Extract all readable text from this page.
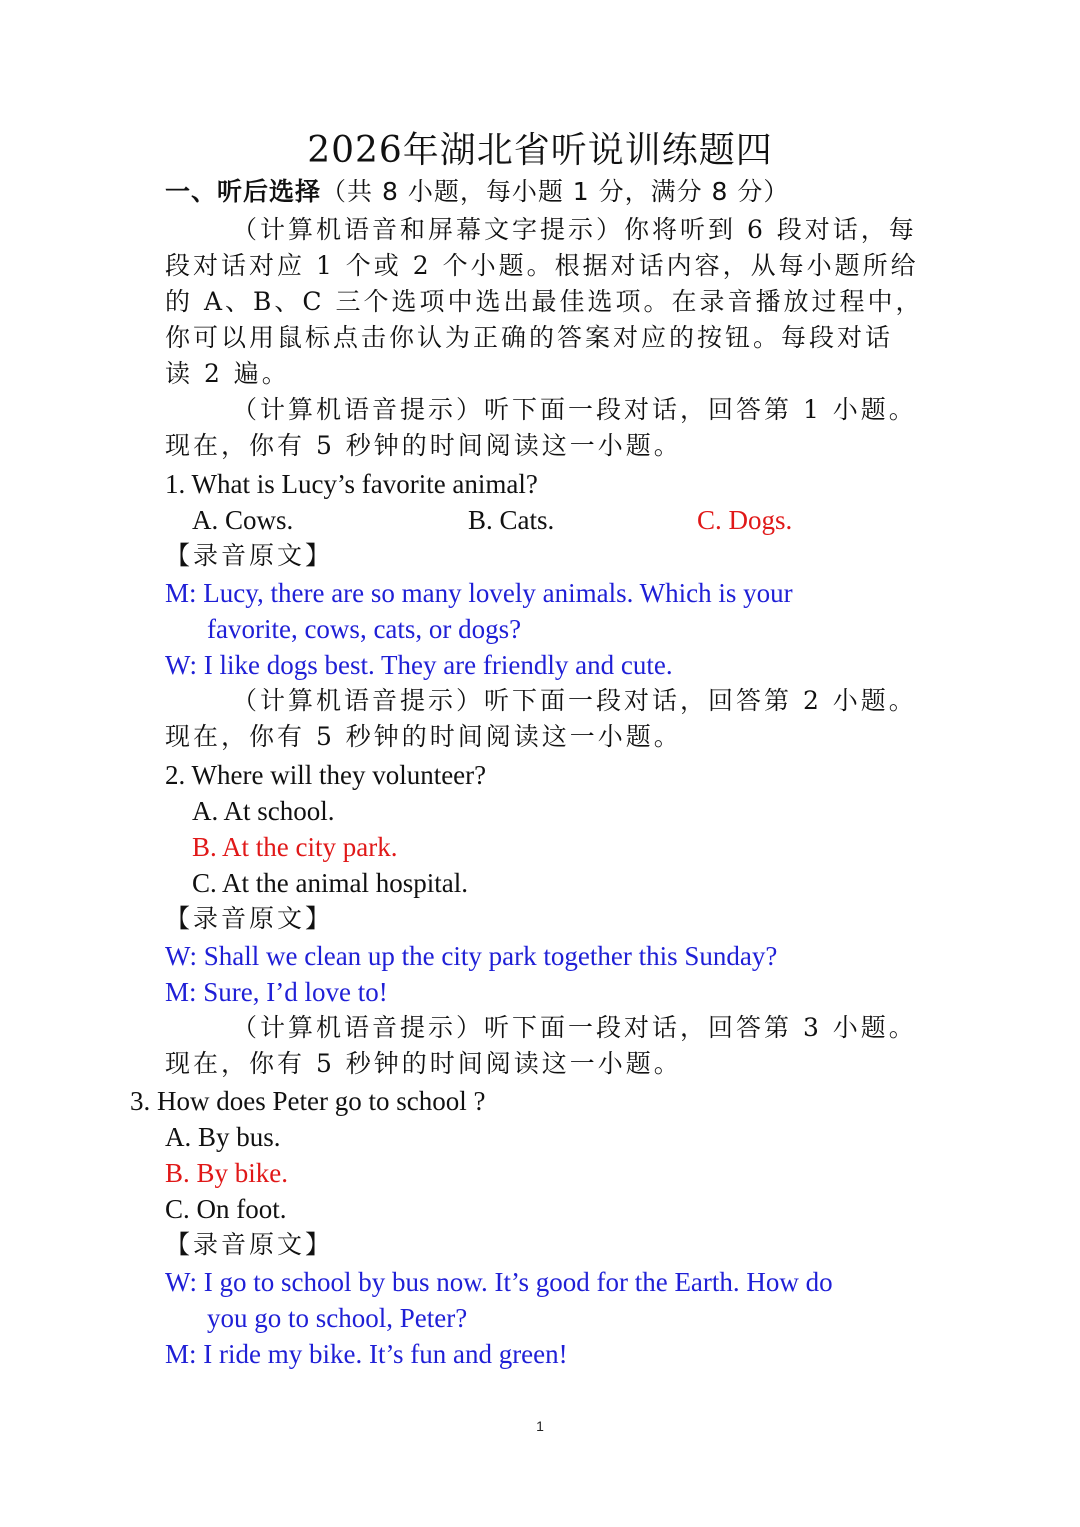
2026年湖北省听说训练题四
一、听后选择（共 8 小题，每小题 1 分，满分 8 分）
（计算机语音和屏幕文字提示）你将听到 6 段对话，每
段对话对应 1 个或 2 个小题。根据对话内容，从每小题所给
的 A、B、C 三个选项中选出最佳选项。在录音播放过程中，
你可以用鼠标点击你认为正确的答案对应的按钮。每段对话
读 2 遍。
（计算机语音提示）听下面一段对话，回答第 1 小题。
现在，你有 5 秒钟的时间阅读这一小题。
1. What is Lucy’s favorite animal?
A. Cows.	B. Cats.	C. Dogs.
【录音原文】
M: Lucy, there are so many lovely animals. Which is your
favorite, cows, cats, or dogs?
W: I like dogs best. They are friendly and cute.
（计算机语音提示）听下面一段对话，回答第 2 小题。
现在，你有 5 秒钟的时间阅读这一小题。
2. Where will they volunteer?
A. At school.
B. At the city park.
C. At the animal hospital.
【录音原文】
W: Shall we clean up the city park together this Sunday?
M: Sure, I’d love to!
（计算机语音提示）听下面一段对话，回答第 3 小题。
现在，你有 5 秒钟的时间阅读这一小题。
3. How does Peter go to school ?
A. By bus.
B. By bike.
C. On foot.
【录音原文】
W: I go to school by bus now. It’s good for the Earth. How do
you go to school, Peter?
M: I ride my bike. It’s fun and green!
1
